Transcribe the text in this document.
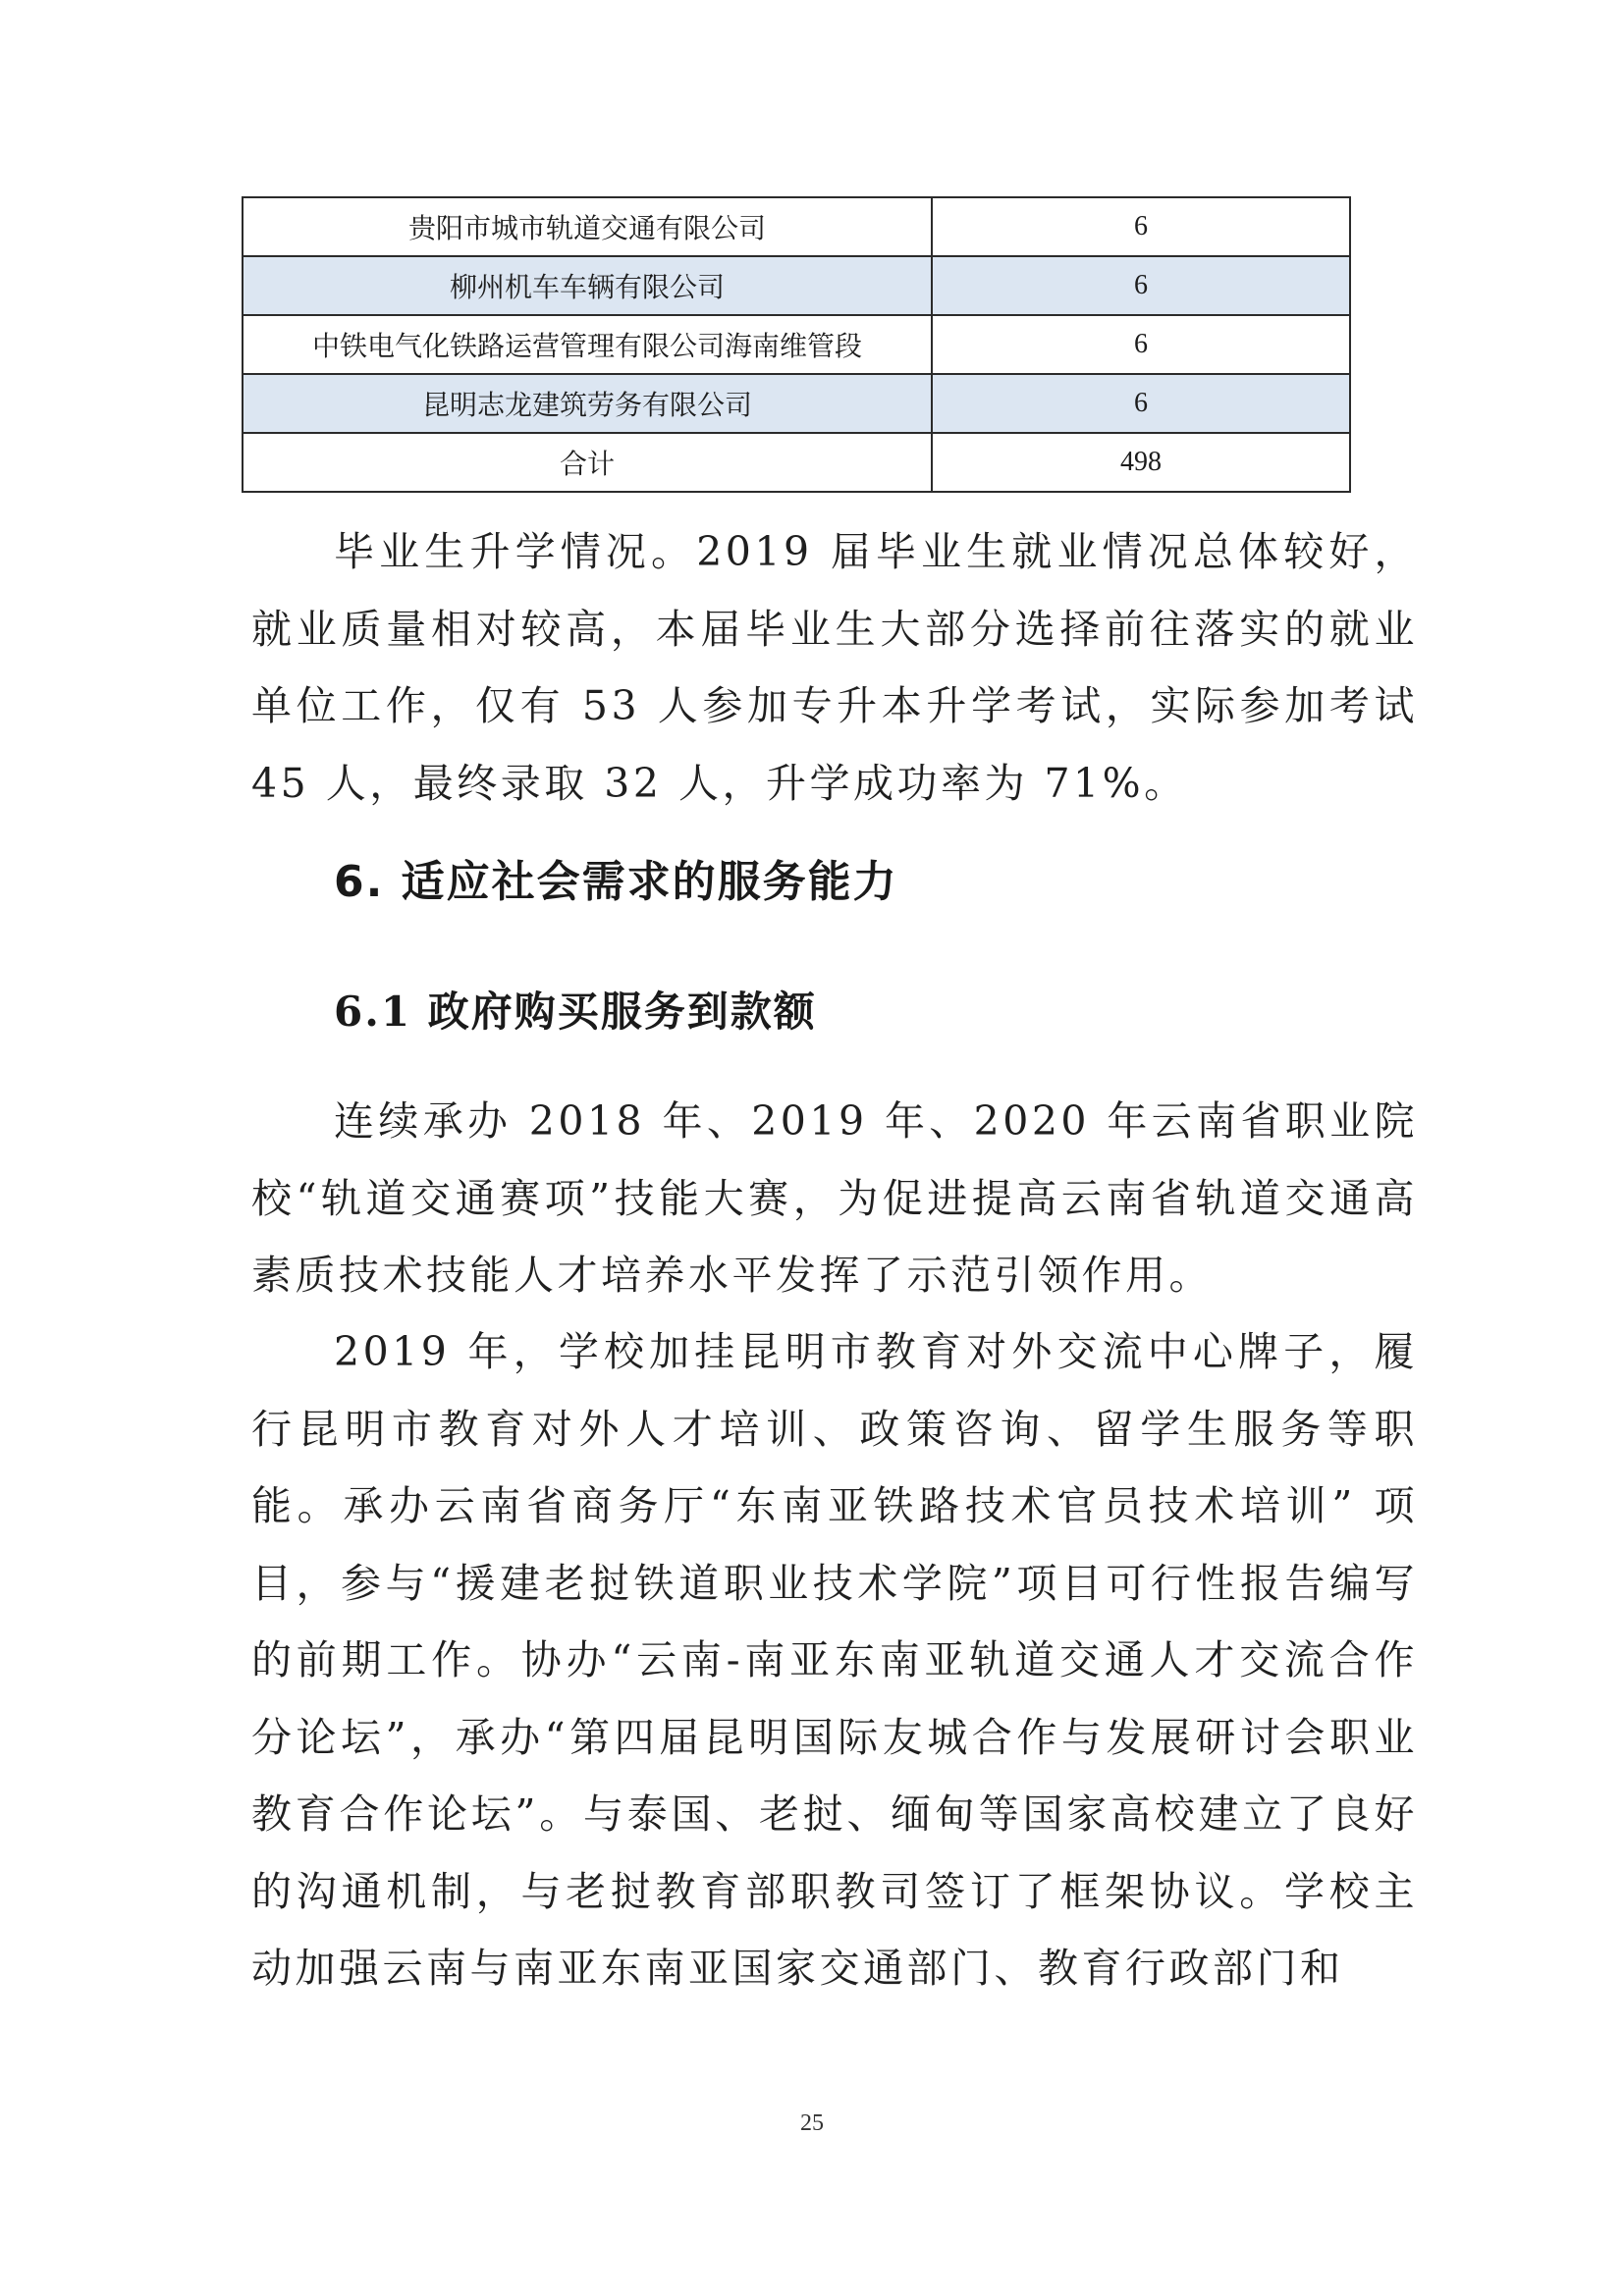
贵阳市城市轨道交通有限公司	6
柳州机车车辆有限公司	6
中铁电气化铁路运营管理有限公司海南维管段	6
昆明志龙建筑劳务有限公司	6
合计	498

毕业生升学情况。2019 届毕业生就业情况总体较好，就业质量相对较高，本届毕业生大部分选择前往落实的就业单位工作，仅有 53 人参加专升本升学考试，实际参加考试 45 人，最终录取 32 人，升学成功率为 71%。

6. 适应社会需求的服务能力
6.1 政府购买服务到款额

连续承办 2018 年、2019 年、2020 年云南省职业院校“轨道交通赛项”技能大赛，为促进提高云南省轨道交通高素质技术技能人才培养水平发挥了示范引领作用。

2019 年，学校加挂昆明市教育对外交流中心牌子，履行昆明市教育对外人才培训、政策咨询、留学生服务等职能。承办云南省商务厅“东南亚铁路技术官员技术培训” 项目，参与“援建老挝铁道职业技术学院”项目可行性报告编写的前期工作。协办“云南-南亚东南亚轨道交通人才交流合作分论坛”，承办“第四届昆明国际友城合作与发展研讨会职业教育合作论坛”。与泰国、老挝、缅甸等国家高校建立了良好的沟通机制，与老挝教育部职教司签订了框架协议。学校主动加强云南与南亚东南亚国家交通部门、教育行政部门和

25
